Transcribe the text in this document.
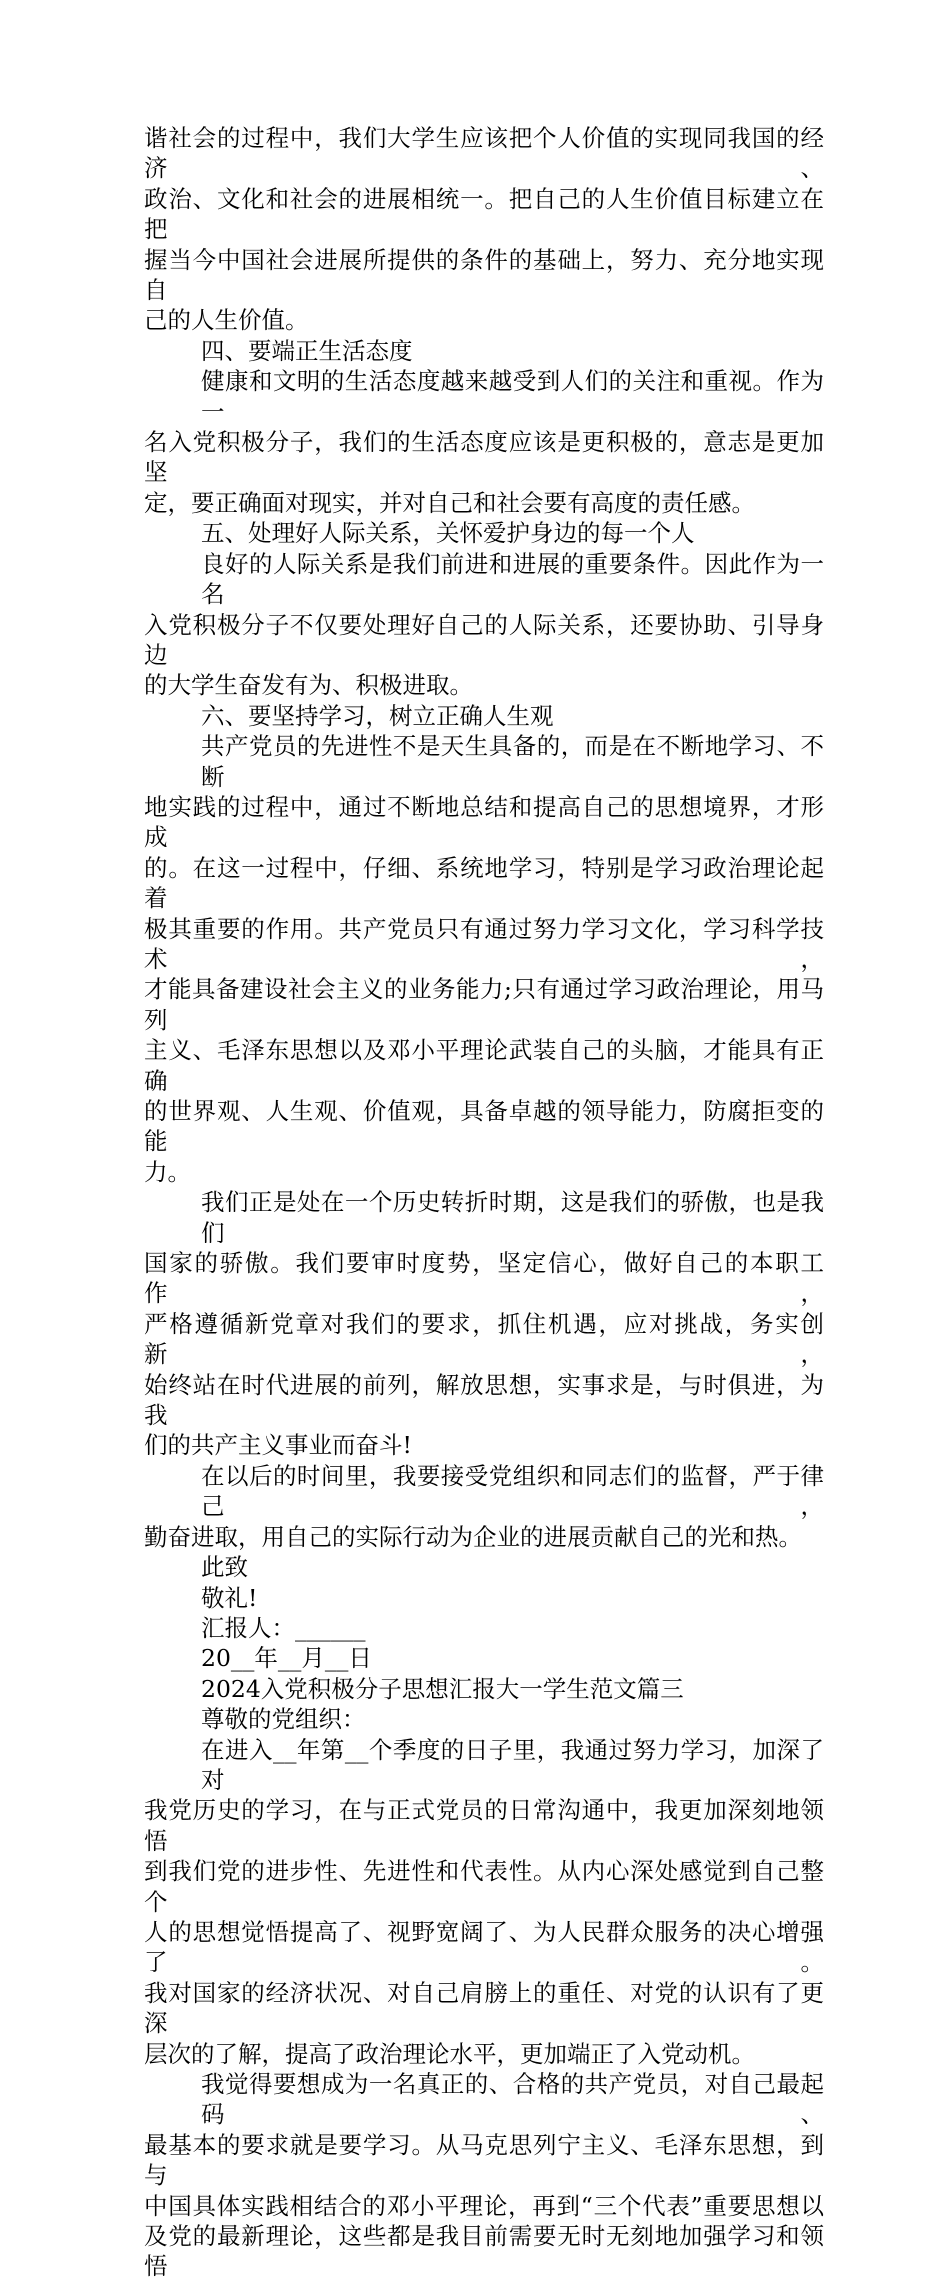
谐社会的过程中，我们大学生应该把个人价值的实现同我国的经济、

政治、文化和社会的进展相统一。把自己的人生价值目标建立在把

握当今中国社会进展所提供的条件的基础上，努力、充分地实现自

己的人生价值。

四、要端正生活态度

健康和文明的生活态度越来越受到人们的关注和重视。作为一

名入党积极分子，我们的生活态度应该是更积极的，意志是更加坚

定，要正确面对现实，并对自己和社会要有高度的责任感。

五、处理好人际关系，关怀爱护身边的每一个人

良好的人际关系是我们前进和进展的重要条件。因此作为一名

入党积极分子不仅要处理好自己的人际关系，还要协助、引导身边

的大学生奋发有为、积极进取。

六、要坚持学习，树立正确人生观

共产党员的先进性不是天生具备的，而是在不断地学习、不断

地实践的过程中，通过不断地总结和提高自己的思想境界，才形成

的。在这一过程中，仔细、系统地学习，特别是学习政治理论起着

极其重要的作用。共产党员只有通过努力学习文化，学习科学技术，

才能具备建设社会主义的业务能力;只有通过学习政治理论，用马列

主义、毛泽东思想以及邓小平理论武装自己的头脑，才能具有正确

的世界观、人生观、价值观，具备卓越的领导能力，防腐拒变的能

力。

我们正是处在一个历史转折时期，这是我们的骄傲，也是我们

国家的骄傲。我们要审时度势，坚定信心，做好自己的本职工作，

严格遵循新党章对我们的要求，抓住机遇，应对挑战，务实创新，

始终站在时代进展的前列，解放思想，实事求是，与时俱进，为我

们的共产主义事业而奋斗!

在以后的时间里，我要接受党组织和同志们的监督，严于律己，

勤奋进取，用自己的实际行动为企业的进展贡献自己的光和热。

此致

敬礼!

汇报人：______

20__年__月__日

2024入党积极分子思想汇报大一学生范文篇三

尊敬的党组织：

在进入__年第__个季度的日子里，我通过努力学习，加深了对

我党历史的学习，在与正式党员的日常沟通中，我更加深刻地领悟

到我们党的进步性、先进性和代表性。从内心深处感觉到自己整个

人的思想觉悟提高了、视野宽阔了、为人民群众服务的决心增强了。

我对国家的经济状况、对自己肩膀上的重任、对党的认识有了更深

层次的了解，提高了政治理论水平，更加端正了入党动机。

我觉得要想成为一名真正的、合格的共产党员，对自己最起码、

最基本的要求就是要学习。从马克思列宁主义、毛泽东思想，到与

中国具体实践相结合的邓小平理论，再到“三个代表”重要思想以

及党的最新理论，这些都是我目前需要无时无刻地加强学习和领悟
